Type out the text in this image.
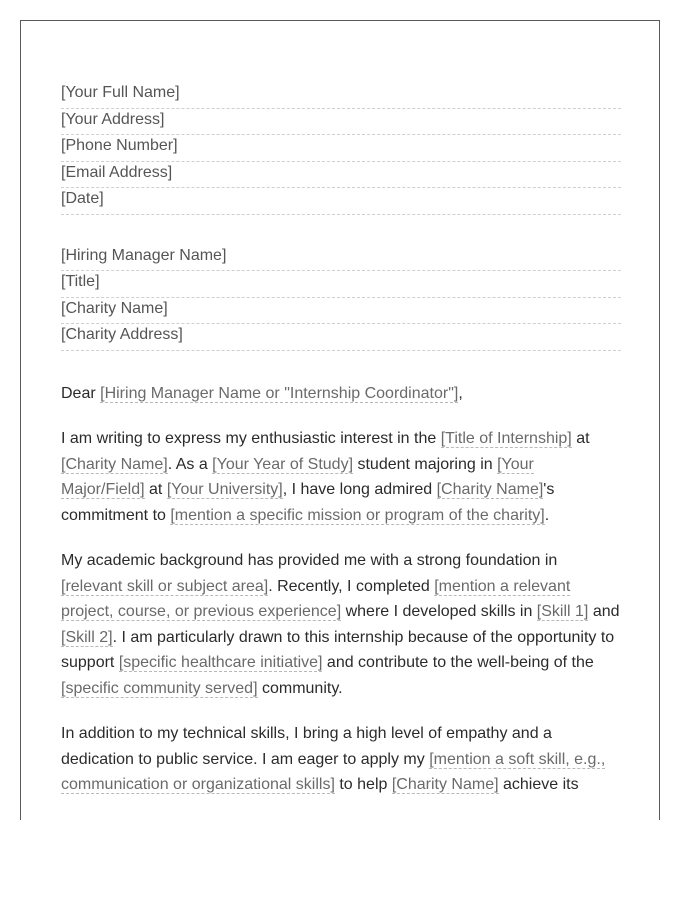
[Your Full Name]
[Your Address]
[Phone Number]
[Email Address]
[Date]
[Hiring Manager Name]
[Title]
[Charity Name]
[Charity Address]
Dear [Hiring Manager Name or "Internship Coordinator"],

I am writing to express my enthusiastic interest in the [Title of Internship] at [Charity Name]. As a [Your Year of Study] student majoring in [Your Major/Field] at [Your University], I have long admired [Charity Name]'s commitment to [mention a specific mission or program of the charity].

My academic background has provided me with a strong foundation in [relevant skill or subject area]. Recently, I completed [mention a relevant project, course, or previous experience] where I developed skills in [Skill 1] and [Skill 2]. I am particularly drawn to this internship because of the opportunity to support [specific healthcare initiative] and contribute to the well-being of the [specific community served] community.

In addition to my technical skills, I bring a high level of empathy and a dedication to public service. I am eager to apply my [mention a soft skill, e.g., communication or organizational skills] to help [Charity Name] achieve its
